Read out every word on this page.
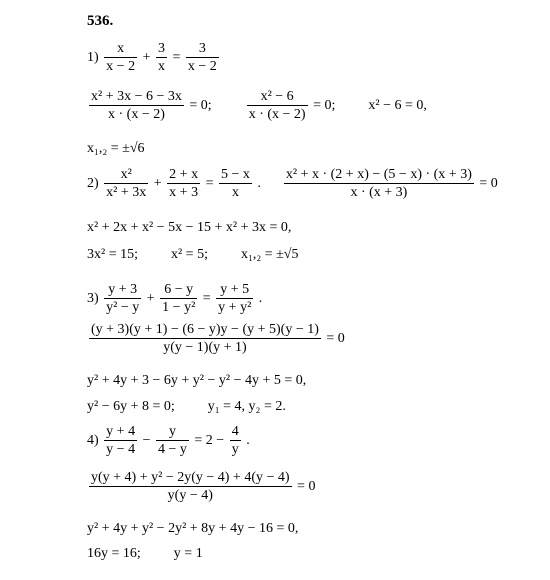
536.
$1) \frac{x}{x - 2} + \frac{3}{x} = \frac{3}{x - 2}$
$\frac{\text{x² + 3x − 6 − 3x}}{x \cdot (x - 2)} = 0$;	$\frac{\text{x² − 6}}{x \cdot (x - 2)} = 0$; x² − 6 = 0,
x₁,₂ = ±√6
$2) \frac{\text{x²}}{\text{x² + 3x}} + \frac{2 + x}{x + 3} = \frac{5 - x}{x}$ . $\frac{\text{x² + x · (2 + x) − (5 − x) · (x + 3)}}{x \cdot (x + 3)} = 0$
x² + 2x + x² − 5x − 15 + x² + 3x = 0,
3x² = 15; x² = 5; x₁,₂ = ±√5
$3) \frac{y + 3}{\text{y² − y}} + \frac{6 - y}{\text{1 − y²}} = \frac{y + 5}{\text{y + y²}}$ .
$\frac{(y + 3)(y + 1) - (6 - y)y - (y + 5)(y - 1)}{y(y - 1)(y + 1)} = 0$
y² + 4y + 3 − 6y + y² − y² − 4y + 5 = 0,
y² − 6y + 8 = 0; y₁ = 4, y₂ = 2.
$4) \frac{y + 4}{y - 4} - \frac{y}{4 - y} = 2 - \frac{4}{y}$ .
$\frac{\text{y(y + 4) + y² − 2y(y − 4) + 4(y − 4)}}{y(y - 4)} = 0$
y² + 4y + y² − 2y² + 8y + 4y − 16 = 0,
16y = 16; y = 1
